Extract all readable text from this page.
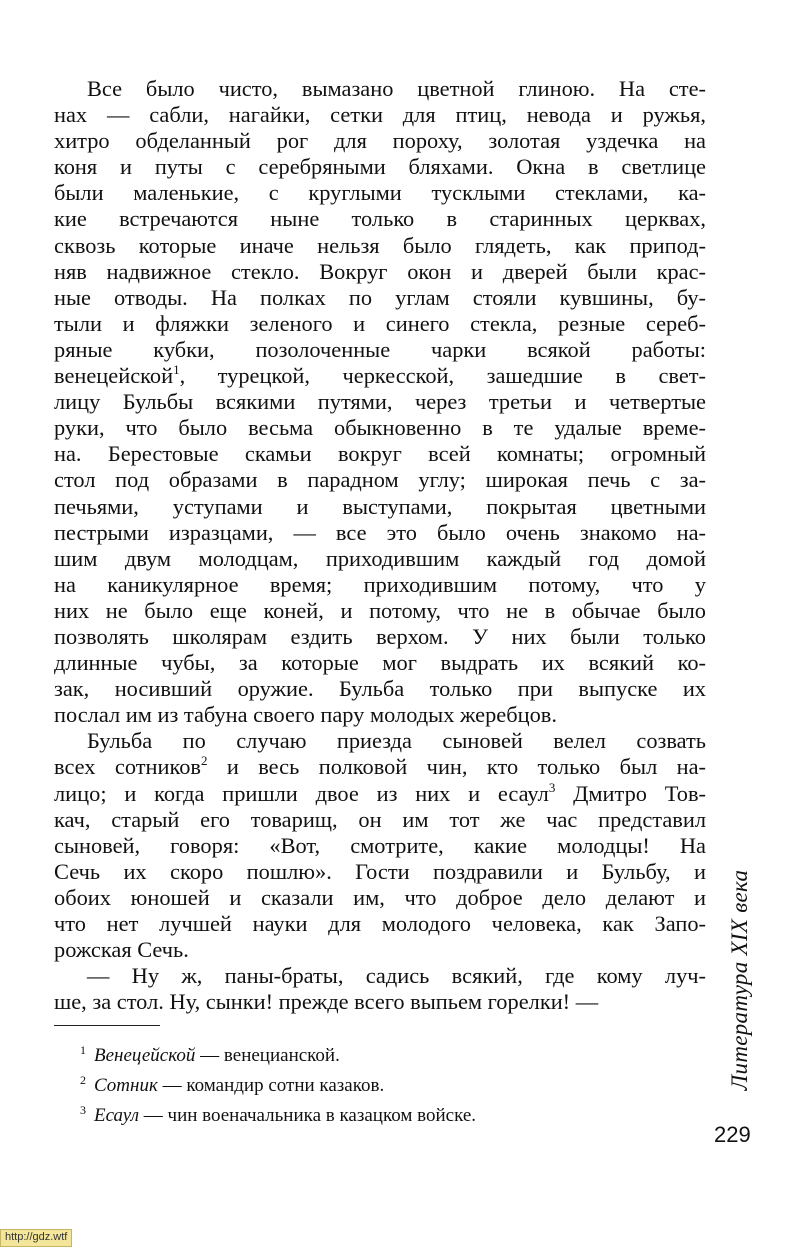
Все было чисто, вымазано цветной глиною. На сте-
нах — сабли, нагайки, сетки для птиц, невода и ружья,
хитро обделанный рог для пороху, золотая уздечка на
коня и путы с серебряными бляхами. Окна в светлице
были маленькие, с круглыми тусклыми стеклами, ка-
кие встречаются ныне только в старинных церквах,
сквозь которые иначе нельзя было глядеть, как припод-
няв надвижное стекло. Вокруг окон и дверей были крас-
ные отводы. На полках по углам стояли кувшины, бу-
тыли и фляжки зеленого и синего стекла, резные сереб-
ряные кубки, позолоченные чарки всякой работы:
венецейской$^1$, турецкой, черкесской, зашедшие в свет-
лицу Бульбы всякими путями, через третьи и четвертые
руки, что было весьма обыкновенно в те удалые време-
на. Берестовые скамьи вокруг всей комнаты; огромный
стол под образами в парадном углу; широкая печь с за-
печьями, уступами и выступами, покрытая цветными
пестрыми изразцами, — все это было очень знакомо на-
шим двум молодцам, приходившим каждый год домой
на каникулярное время; приходившим потому, что у
них не было еще коней, и потому, что не в обычае было
позволять школярам ездить верхом. У них были только
длинные чубы, за которые мог выдрать их всякий ко-
зак, носивший оружие. Бульба только при выпуске их
послал им из табуна своего пару молодых жеребцов.
Бульба по случаю приезда сыновей велел созвать
всех сотников$^2$ и весь полковой чин, кто только был на-
лицо; и когда пришли двое из них и есаул$^3$ Дмитро Тов-
кач, старый его товарищ, он им тот же час представил
сыновей, говоря: «Вот, смотрите, какие молодцы! На
Сечь их скоро пошлю». Гости поздравили и Бульбу, и
обоих юношей и сказали им, что доброе дело делают и
что нет лучшей науки для молодого человека, как Запо-
рожская Сечь.
— Ну ж, паны-браты, садись всякий, где кому луч-
ше, за стол. Ну, сынки! прежде всего выпьем горелки! —
$^1$ Венецейской — венецианской.
$^2$ Сотник — командир сотни казаков.
$^3$ Есаул — чин военачальника в казацком войске.
Литература XIX века
229
http://gdz.wtf
